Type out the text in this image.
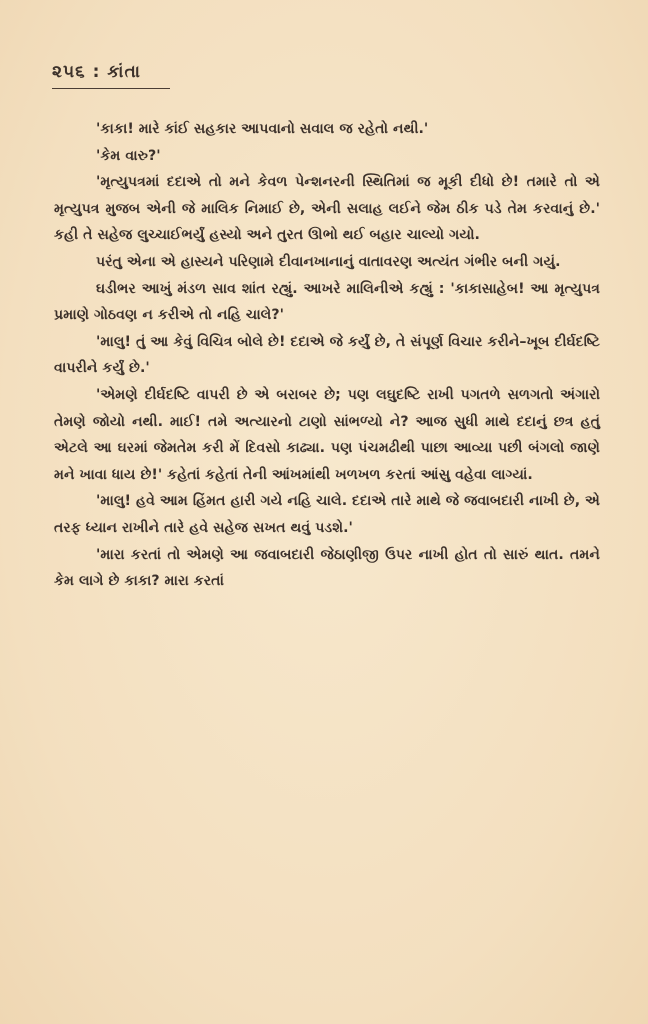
૨૫૬ : કાંતા

'કાકા! મારે કાંઈ સહકાર આપવાનો સવાલ જ રહેતો નથી.'

'કેમ વારુ?'

'મૃત્યુપત્રમાં દદાએ તો મને કેવળ પેન્શનરની સ્થિતિમાં જ મૂકી દીધો છે! તમારે તો એ મૃત્યુપત્ર મુજબ એની જે માલિક નિમાઈ છે, એની સલાહ લઈને જેમ ઠીક પડે તેમ કરવાનું છે.' કહી તે સહેજ લુચ્ચાઈભર્યું હસ્યો અને તુરત ઊભો થઈ બહાર ચાલ્યો ગયો.

પરંતુ એના એ હાસ્યને પરિણામે દીવાનખાનાનું વાતાવરણ અત્યંત ગંભીર બની ગયું.

ઘડીભર આખું મંડળ સાવ શાંત રહ્યું. આખરે માલિનીએ કહ્યું : 'કાકાસાહેબ! આ મૃત્યુપત્ર પ્રમાણે ગોઠવણ ન કરીએ તો નહિ ચાલે?'

'માલુ! તું આ કેવું વિચિત્ર બોલે છે! દદાએ જે કર્યું છે, તે સંપૂર્ણ વિચાર કરીને–ખૂબ દીર્ઘદષ્ટિ વાપરીને કર્યું છે.'

'એમણે દીર્ઘદષ્ટિ વાપરી છે એ બરાબર છે; પણ લઘુદષ્ટિ રાખી પગતળે સળગતો અંગારો તેમણે જોયો નથી. માઈ! તમે અત્યારનો ટાણો સાંભળ્યો ને? આજ સુધી માથે દદાનું છત્ર હતું એટલે આ ઘરમાં જેમતેમ કરી મેં દિવસો કાઢ્યા. પણ પંચમઢીથી પાછા આવ્યા પછી બંગલો જાણે મને ખાવા ધાય છે!' કહેતાં કહેતાં તેની આંખમાંથી ખળખળ કરતાં આંસુ વહેવા લાગ્યાં.

'માલુ! હવે આમ હિંમત હારી ગયે નહિ ચાલે. દદાએ તારે માથે જે જવાબદારી નાખી છે, એ તરફ ધ્યાન રાખીને તારે હવે સહેજ સખત થવું પડશે.'

'મારા કરતાં તો એમણે આ જવાબદારી જેઠાણીજી ઉપર નાખી હોત તો સારું થાત. તમને કેમ લાગે છે કાકા? મારા કરતાં
